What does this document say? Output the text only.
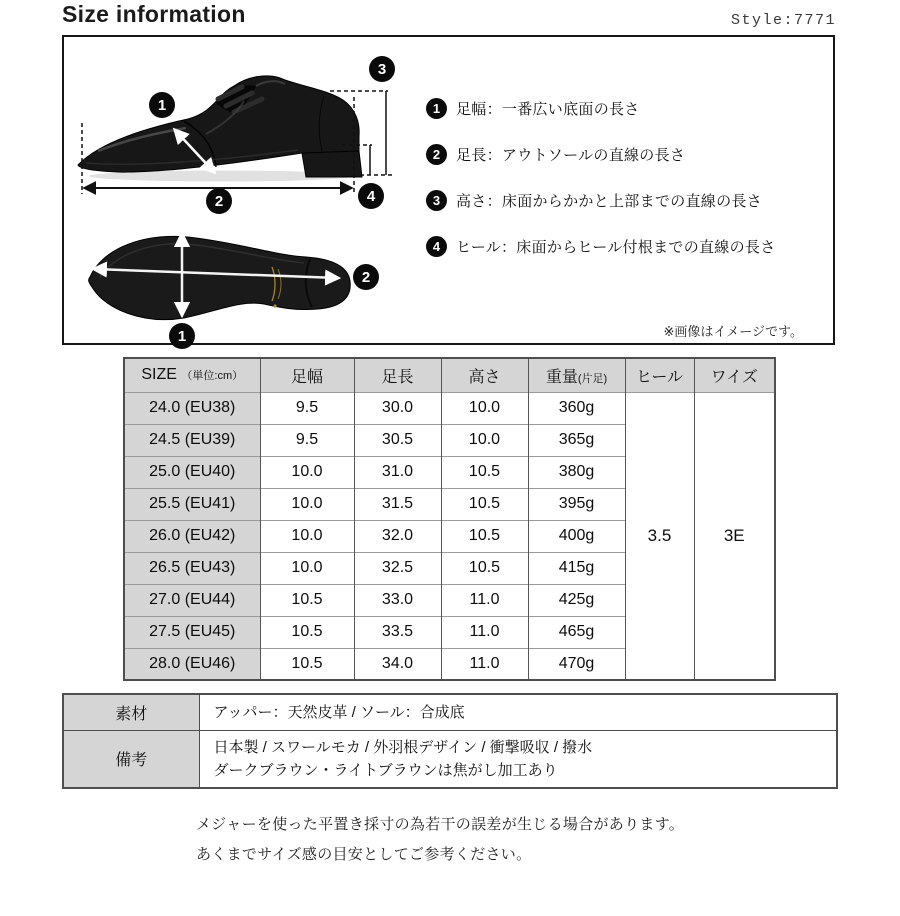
Size information	Style:7771
1
2
3
4
2
1
1	足幅：一番広い底面の長さ
2	足長：アウトソールの直線の長さ
3	高さ：床面からかかと上部までの直線の長さ
4	ヒール：床面からヒール付根までの直線の長さ
※画像はイメージです。
SIZE （単位:cm）	足幅	足長	高さ	重量(片足)	ヒール	ワイズ
24.0 (EU38)	9.5	30.0	10.0	360g	3.5	3E
24.5 (EU39)	9.5	30.5	10.0	365g		
25.0 (EU40)	10.0	31.0	10.5	380g		
25.5 (EU41)	10.0	31.5	10.5	395g		
26.0 (EU42)	10.0	32.0	10.5	400g		
26.5 (EU43)	10.0	32.5	10.5	415g		
27.0 (EU44)	10.5	33.0	11.0	425g		
27.5 (EU45)	10.5	33.5	11.0	465g		
28.0 (EU46)	10.5	34.0	11.0	470g		
素材	アッパー：天然皮革 / ソール：合成底
備考	日本製 / スワールモカ / 外羽根デザイン / 衝撃吸収 / 撥水
ダークブラウン・ライトブラウンは焦がし加工あり
メジャーを使った平置き採寸の為若干の誤差が生じる場合があります。
あくまでサイズ感の目安としてご参考ください。
